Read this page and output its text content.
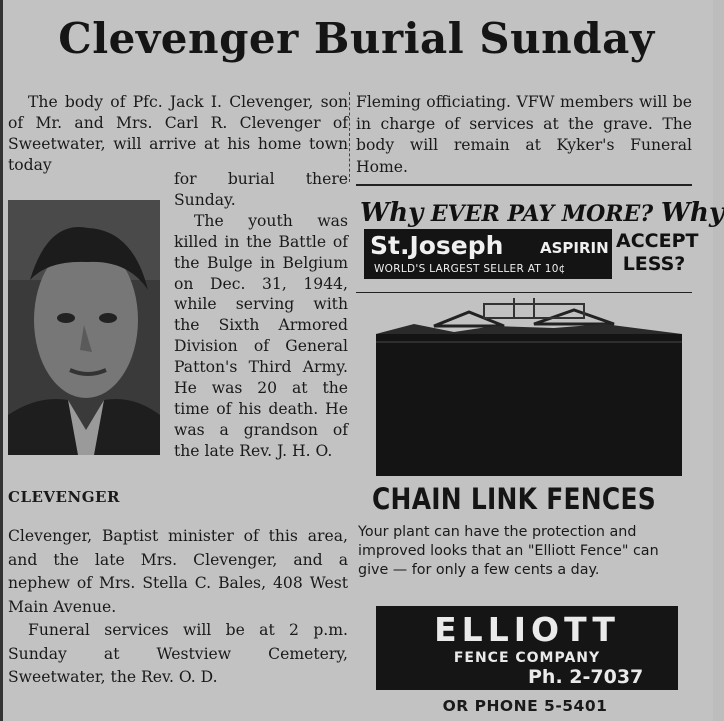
Clevenger Burial Sunday

The body of Pfc. Jack I. Clevenger, son of Mr. and Mrs. Carl R. Clevenger of Sweetwater, will arrive at his home town today

CLEVENGER

for burial there Sunday.

The youth was killed in the Battle of the Bulge in Belgium on Dec. 31, 1944, while serving with the Sixth Armored Division of General Patton's Third Army. He was 20 at the time of his death. He was a grandson of the late Rev. J. H. O.

Clevenger, Baptist minister of this area, and the late Mrs. Clevenger, and a nephew of Mrs. Stella C. Bales, 408 West Main Avenue.

Funeral services will be at 2 p.m. Sunday at Westview Cemetery, Sweetwater, the Rev. O. D.

Fleming officiating. VFW members will be in charge of services at the grave. The body will remain at Kyker's Funeral Home.

Why EVER PAY MORE? Why
St.Joseph ASPIRIN
WORLD'S LARGEST SELLER AT 10¢
ACCEPT
LESS?
CHAIN LINK FENCES
Your plant can have the protection and improved looks that an "Elliott Fence" can give — for only a few cents a day.
ELLIOTT
FENCE COMPANY
Ph. 2-7037
OR PHONE 5-5401
